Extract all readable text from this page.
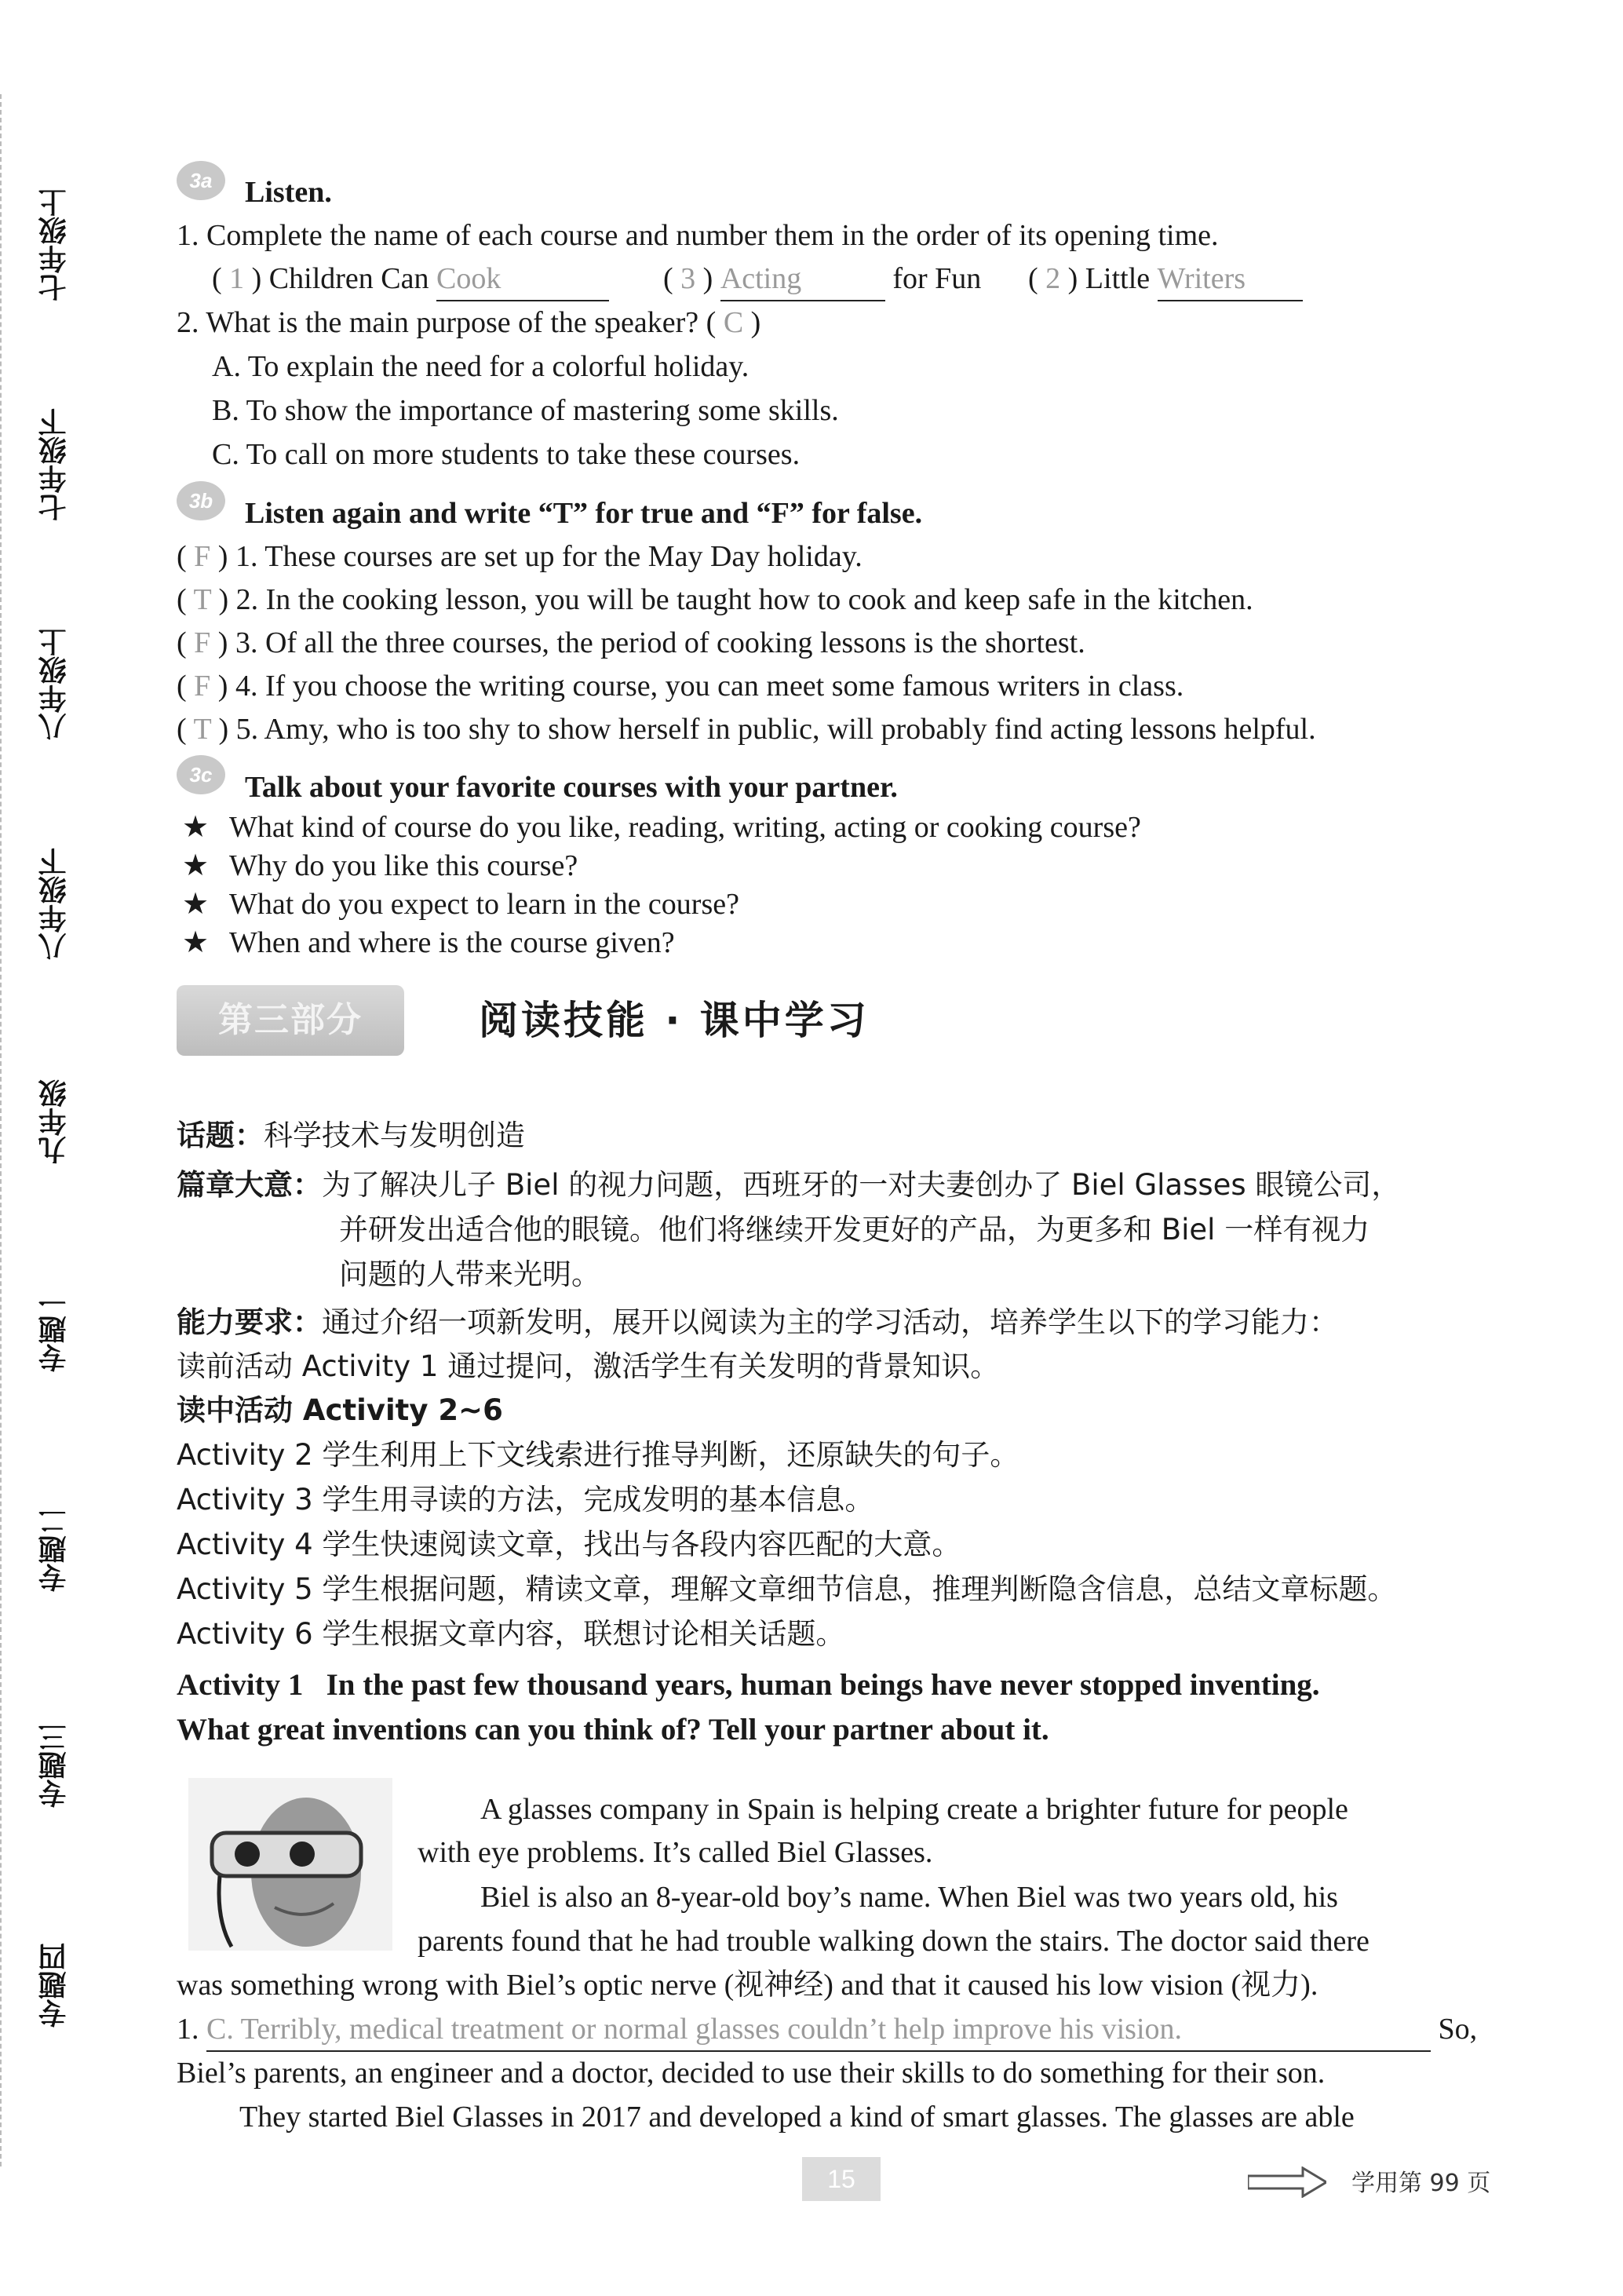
七年级上
七年级下
八年级上
八年级下
九年级
专题一
专题二
专题三
专题四
3a	Listen.
1. Complete the name of each course and number them in the order of its opening time.
( 1 ) Children Can Cook	( 3 ) Acting	for Fun ( 2 ) Little Writers
2. What is the main purpose of the speaker? ( C )
A. To explain the need for a colorful holiday.
B. To show the importance of mastering some skills.
C. To call on more students to take these courses.
3b	Listen again and write “T” for true and “F” for false.
( F ) 1. These courses are set up for the May Day holiday.
( T ) 2. In the cooking lesson, you will be taught how to cook and keep safe in the kitchen.
( F ) 3. Of all the three courses, the period of cooking lessons is the shortest.
( F ) 4. If you choose the writing course, you can meet some famous writers in class.
( T ) 5. Amy, who is too shy to show herself in public, will probably find acting lessons helpful.
3c	Talk about your favorite courses with your partner.
★ What kind of course do you like, reading, writing, acting or cooking course?
★ Why do you like this course?
★ What do you expect to learn in the course?
★ When and where is the course given?
第三部分	阅读技能 · 课中学习
话题：科学技术与发明创造
篇章大意：为了解决儿子 Biel 的视力问题，西班牙的一对夫妻创办了 Biel Glasses 眼镜公司，
并研发出适合他的眼镜。他们将继续开发更好的产品，为更多和 Biel 一样有视力
问题的人带来光明。
能力要求：通过介绍一项新发明，展开以阅读为主的学习活动，培养学生以下的学习能力：
读前活动 Activity 1 通过提问，激活学生有关发明的背景知识。
读中活动 Activity 2~6
Activity 2 学生利用上下文线索进行推导判断，还原缺失的句子。
Activity 3 学生用寻读的方法，完成发明的基本信息。
Activity 4 学生快速阅读文章，找出与各段内容匹配的大意。
Activity 5 学生根据问题，精读文章，理解文章细节信息，推理判断隐含信息，总结文章标题。
Activity 6 学生根据文章内容，联想讨论相关话题。
Activity 1 In the past few thousand years, human beings have never stopped inventing.
What great inventions can you think of? Tell your partner about it.
A glasses company in Spain is helping create a brighter future for people
with eye problems. It’s called Biel Glasses.
Biel is also an 8-year-old boy’s name. When Biel was two years old, his
parents found that he had trouble walking down the stairs. The doctor said there
was something wrong with Biel’s optic nerve (视神经) and that it caused his low vision (视力).
1. C. Terribly, medical treatment or normal glasses couldn’t help improve his vision.	So,
Biel’s parents, an engineer and a doctor, decided to use their skills to do something for their son.
They started Biel Glasses in 2017 and developed a kind of smart glasses. The glasses are able
15	学用第 99 页
